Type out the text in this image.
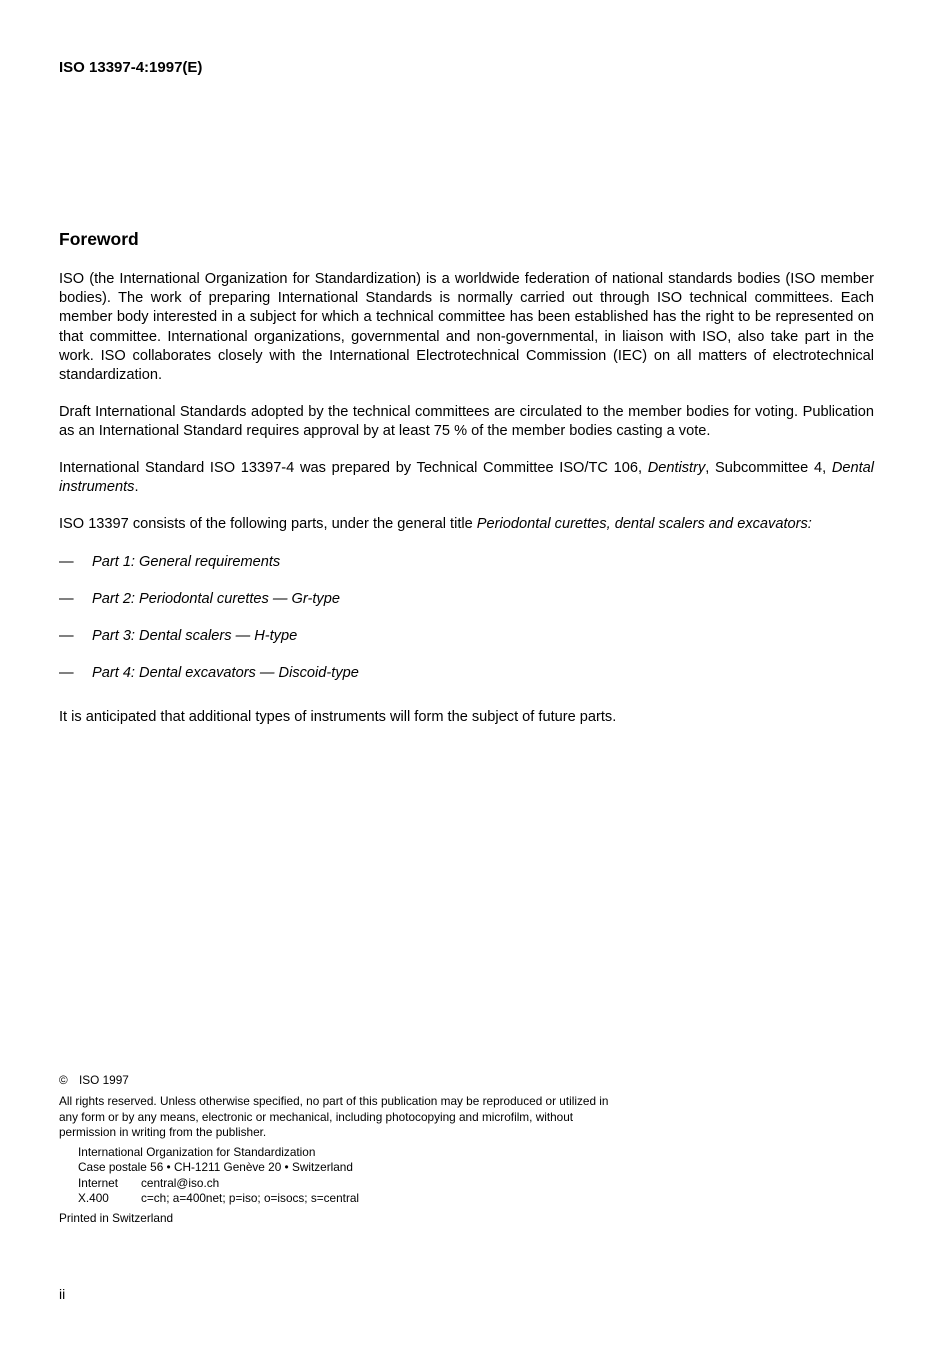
ISO 13397-4:1997(E)

Foreword

ISO (the International Organization for Standardization) is a worldwide federation of national standards bodies (ISO member bodies). The work of preparing International Standards is normally carried out through ISO technical committees. Each member body interested in a subject for which a technical committee has been established has the right to be represented on that committee. International organizations, governmental and non-governmental, in liaison with ISO, also take part in the work. ISO collaborates closely with the International Electrotechnical Commission (IEC) on all matters of electrotechnical standardization.

Draft International Standards adopted by the technical committees are circulated to the member bodies for voting. Publication as an International Standard requires approval by at least 75 % of the member bodies casting a vote.

International Standard ISO 13397-4 was prepared by Technical Committee ISO/TC 106, Dentistry, Subcommittee 4, Dental instruments.

ISO 13397 consists of the following parts, under the general title Periodontal curettes, dental scalers and excavators:

—	Part 1: General requirements
—	Part 2: Periodontal curettes — Gr-type
—	Part 3: Dental scalers — H-type
—	Part 4: Dental excavators — Discoid-type

It is anticipated that additional types of instruments will form the subject of future parts.

© ISO 1997

All rights reserved. Unless otherwise specified, no part of this publication may be reproduced or utilized in any form or by any means, electronic or mechanical, including photocopying and microfilm, without permission in writing from the publisher.

International Organization for Standardization

Case postale 56 • CH-1211 Genève 20 • Switzerland

Internet central@iso.ch

X.400	c=ch; a=400net; p=iso; o=isocs; s=central

Printed in Switzerland

ii
